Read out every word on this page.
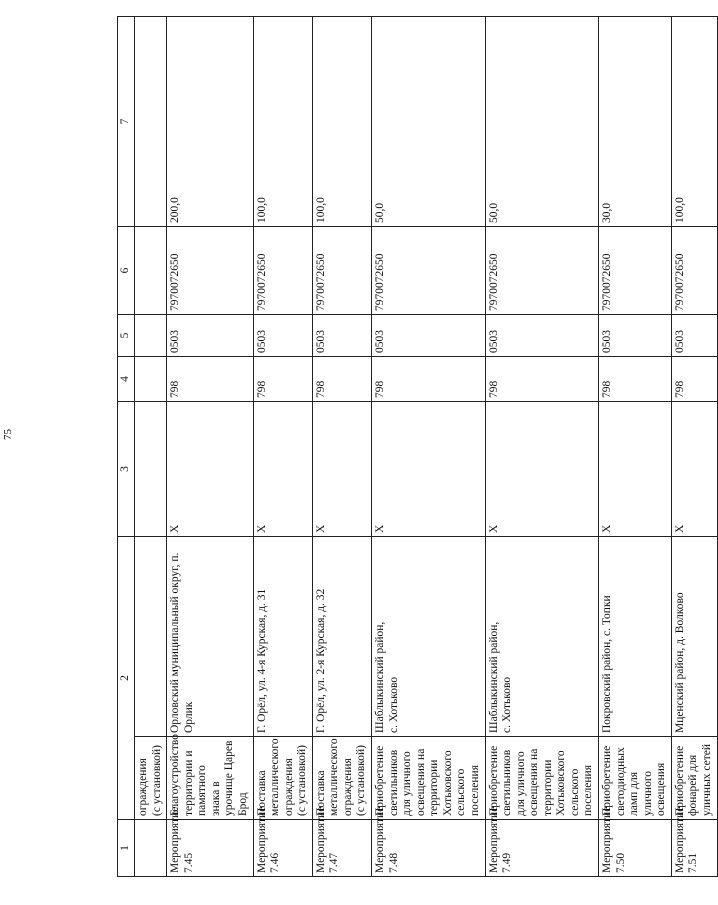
75
1	2		3	4	5	6	7
	ограждения (с установкой)						
Мероприятие 7.45	Благоустройство территории и памятного знака в урочище Царев Брод	Орловский муниципальный округ, п. Орлик	Х	798	0503	7970072650	200,0
Мероприятие 7.46	Поставка металлического ограждения (с установкой)	Г. Орёл, ул. 4-я Курская, д. 31	Х	798	0503	7970072650	100,0
Мероприятие 7.47	Поставка металлического ограждения (с установкой)	Г. Орёл, ул. 2-я Курская, д. 32	Х	798	0503	7970072650	100,0
Мероприятие 7.48	Приобретение светильников для уличного освещения на территории Хотьковского сельского поселения	Шаблыкинский район, с. Хотьково	Х	798	0503	7970072650	50,0
Мероприятие 7.49	Приобретение светильников для уличного освещения на территории Хотьковского сельского поселения	Шаблыкинский район, с. Хотьково	Х	798	0503	7970072650	50,0
Мероприятие 7.50	Приобретение светодиодных ламп для уличного освещения	Покровский район, с. Топки	Х	798	0503	7970072650	30,0
Мероприятие 7.51	Приобретение фонарей для уличных сетей	Мценский район, д. Волково	Х	798	0503	7970072650	100,0
